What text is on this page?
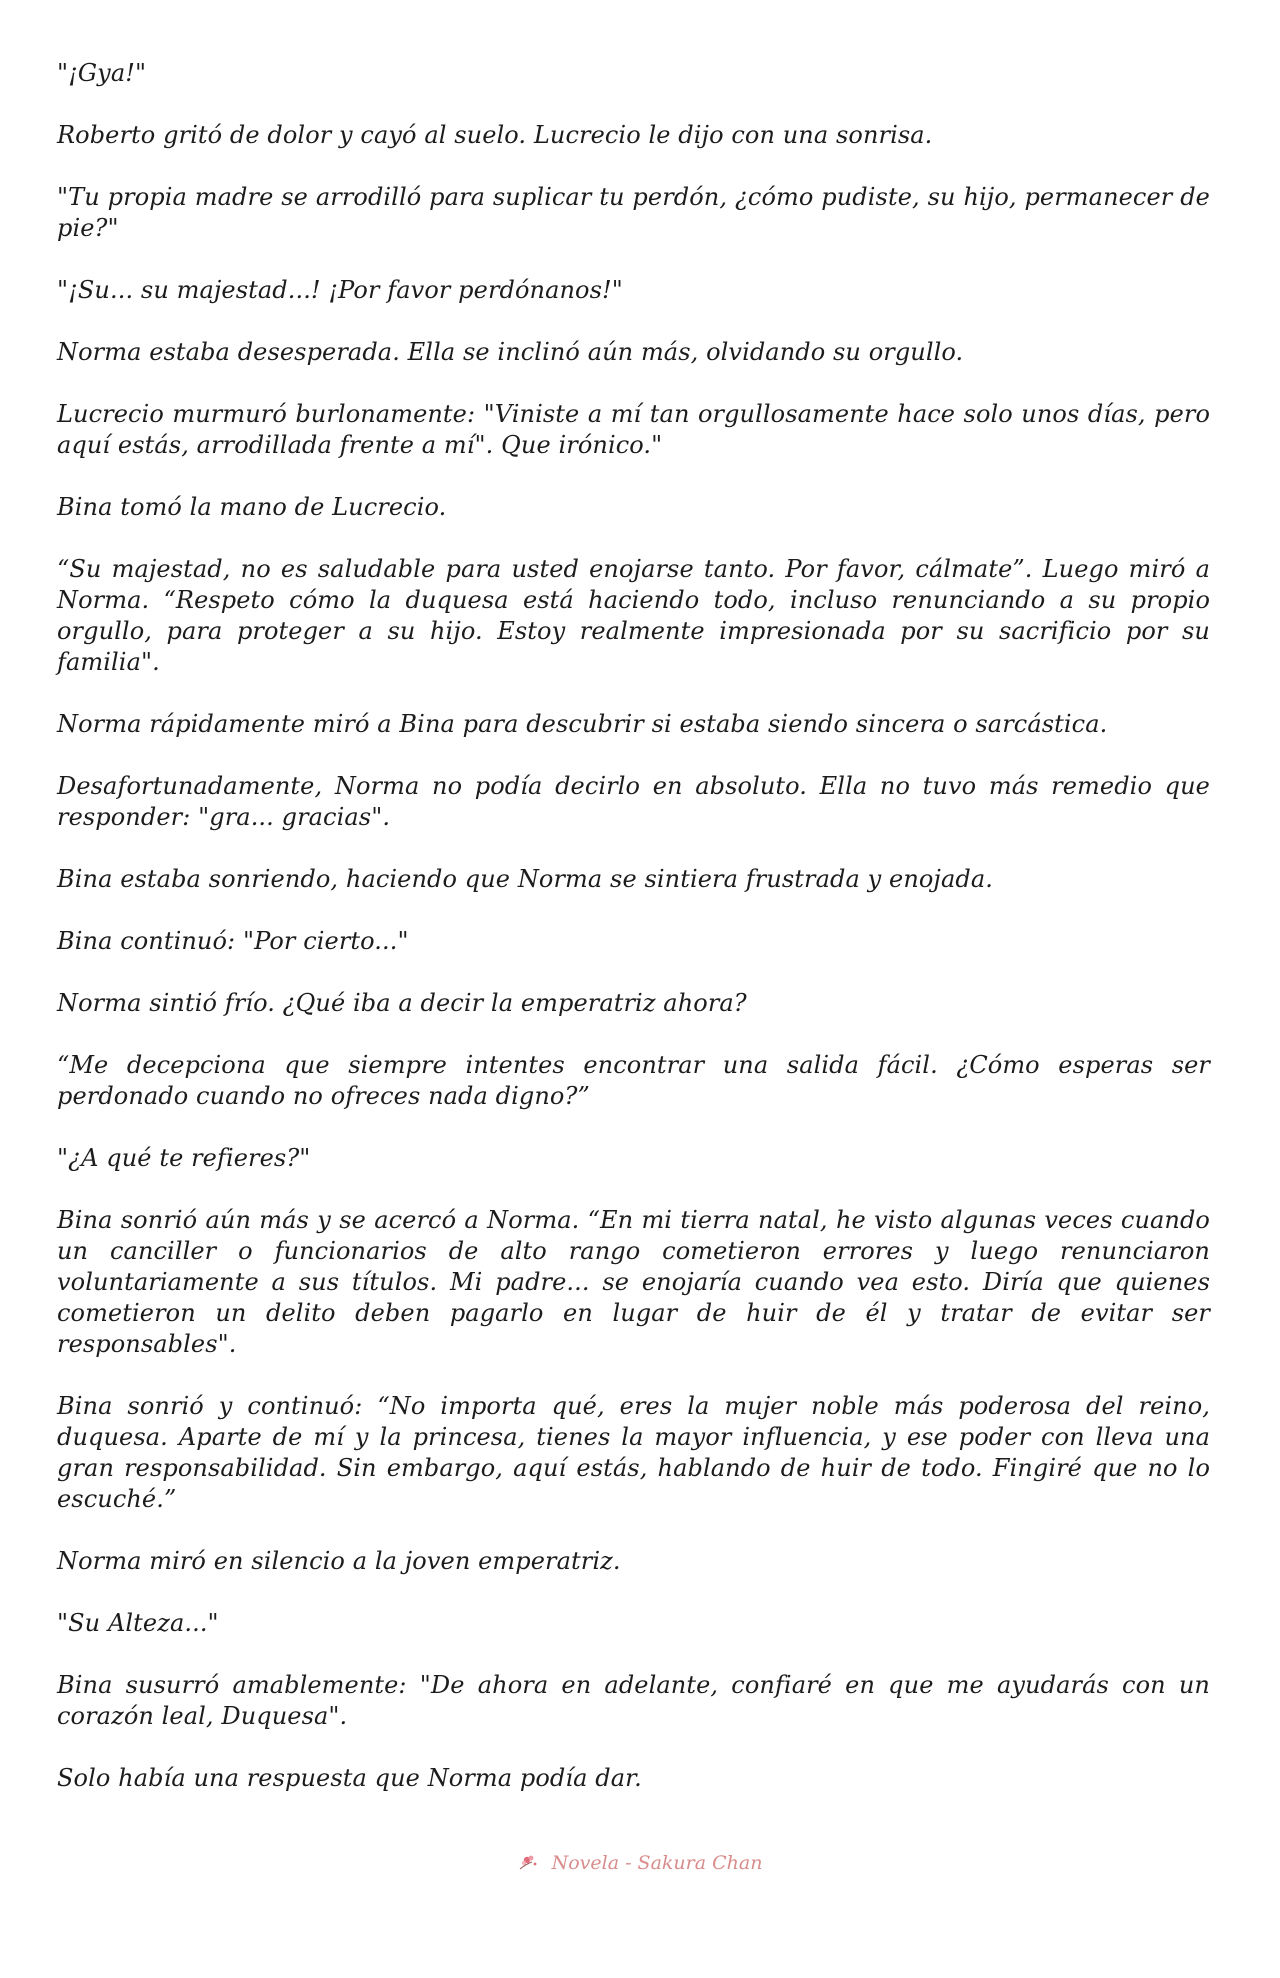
"¡Gya!"

Roberto gritó de dolor y cayó al suelo. Lucrecio le dijo con una sonrisa.

"Tu propia madre se arrodilló para suplicar tu perdón, ¿cómo pudiste, su hijo, permanecer de pie?"

"¡Su... su majestad...! ¡Por favor perdónanos!"

Norma estaba desesperada. Ella se inclinó aún más, olvidando su orgullo.

Lucrecio murmuró burlonamente: "Viniste a mí tan orgullosamente hace solo unos días, pero aquí estás, arrodillada frente a mí". Que irónico."

Bina tomó la mano de Lucrecio.

“Su majestad, no es saludable para usted enojarse tanto. Por favor, cálmate”. Luego miró a Norma. “Respeto cómo la duquesa está haciendo todo, incluso renunciando a su propio orgullo, para proteger a su hijo. Estoy realmente impresionada por su sacrificio por su familia".

Norma rápidamente miró a Bina para descubrir si estaba siendo sincera o sarcástica.

Desafortunadamente, Norma no podía decirlo en absoluto. Ella no tuvo más remedio que responder: "gra... gracias".

Bina estaba sonriendo, haciendo que Norma se sintiera frustrada y enojada.

Bina continuó: "Por cierto..."

Norma sintió frío. ¿Qué iba a decir la emperatriz ahora?

“Me decepciona que siempre intentes encontrar una salida fácil. ¿Cómo esperas ser perdonado cuando no ofreces nada digno?”

"¿A qué te refieres?"

Bina sonrió aún más y se acercó a Norma. “En mi tierra natal, he visto algunas veces cuando un canciller o funcionarios de alto rango cometieron errores y luego renunciaron voluntariamente a sus títulos. Mi padre... se enojaría cuando vea esto. Diría que quienes cometieron un delito deben pagarlo en lugar de huir de él y tratar de evitar ser responsables".

Bina sonrió y continuó: “No importa qué, eres la mujer noble más poderosa del reino, duquesa. Aparte de mí y la princesa, tienes la mayor influencia, y ese poder con lleva una gran responsabilidad. Sin embargo, aquí estás, hablando de huir de todo. Fingiré que no lo escuché.”

Norma miró en silencio a la joven emperatriz.

"Su Alteza..."

Bina susurró amablemente: "De ahora en adelante, confiaré en que me ayudarás con un corazón leal, Duquesa".

Solo había una respuesta que Norma podía dar.

Novela - Sakura Chan
